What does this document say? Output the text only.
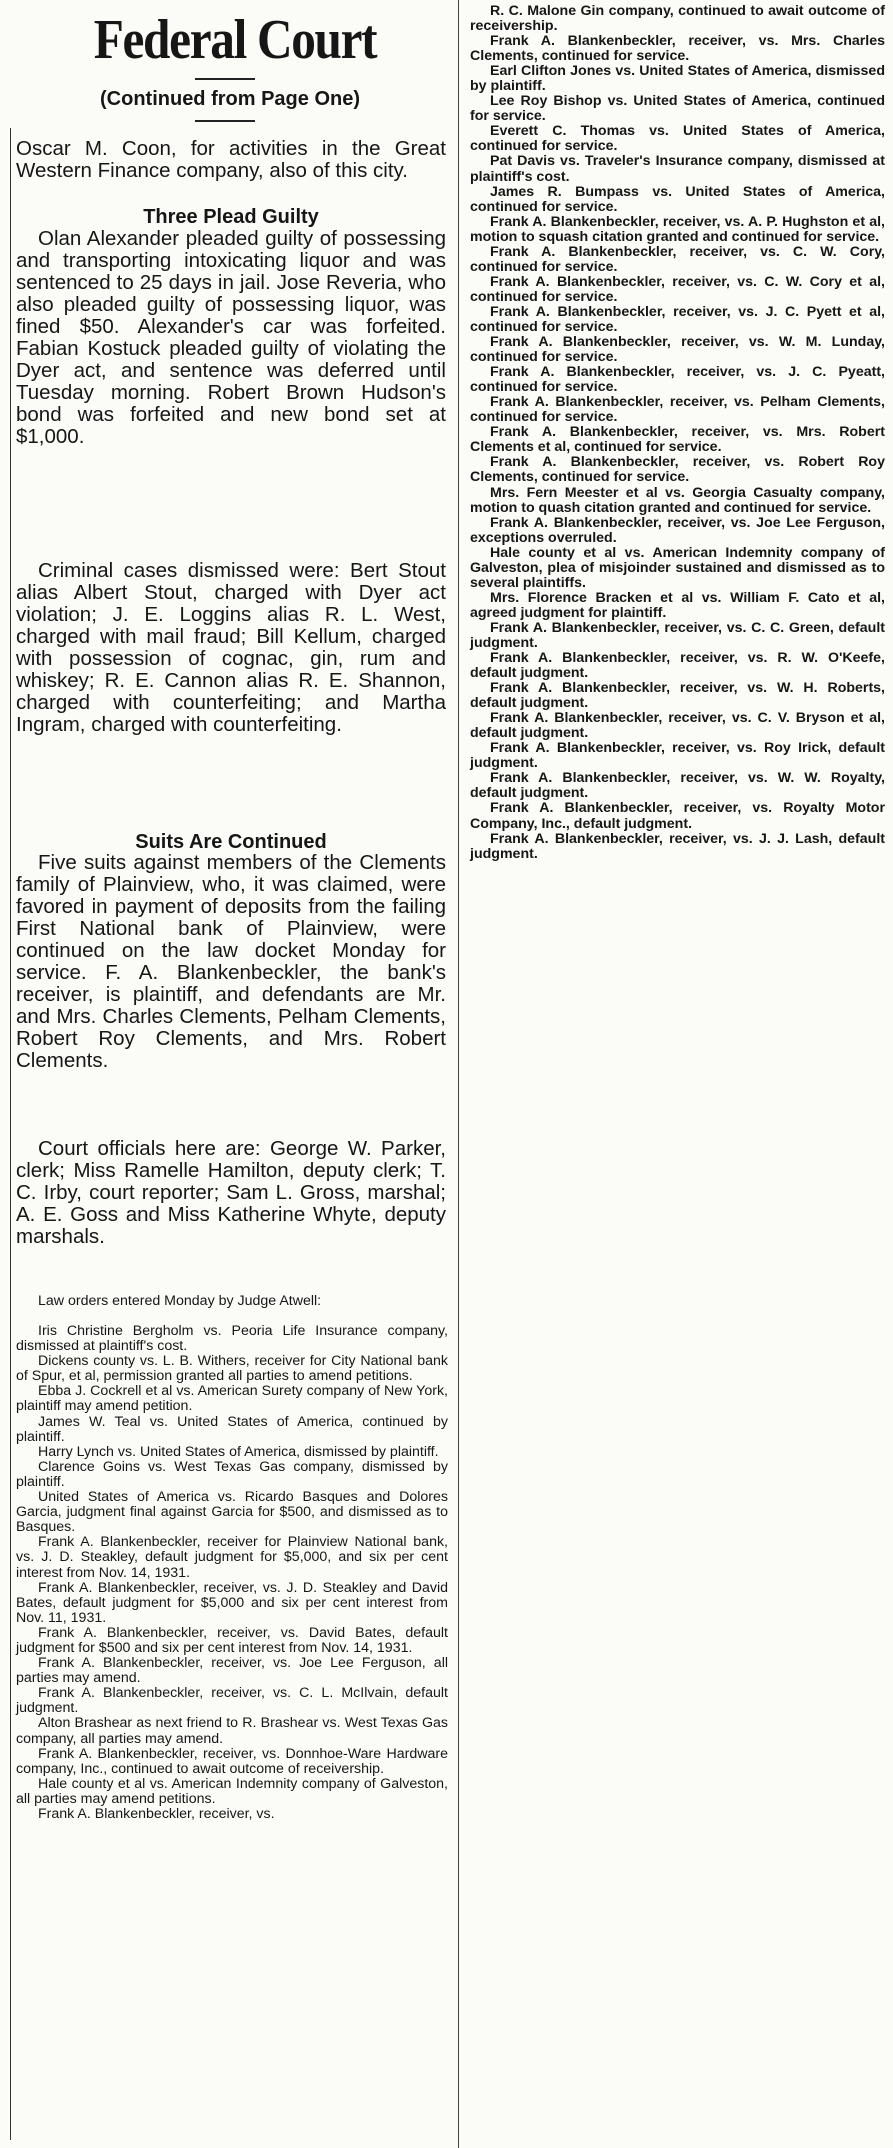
Federal Court
(Continued from Page One)

Oscar M. Coon, for activities in the Great Western Finance company, also of this city.

Three Plead Guilty

Olan Alexander pleaded guilty of possessing and transporting intoxicating liquor and was sentenced to 25 days in jail. Jose Reveria, who also pleaded guilty of possessing liquor, was fined $50. Alexander's car was forfeited. Fabian Kostuck pleaded guilty of violating the Dyer act, and sentence was deferred until Tuesday morning. Robert Brown Hudson's bond was forfeited and new bond set at $1,000.

Criminal cases dismissed were: Bert Stout alias Albert Stout, charged with Dyer act violation; J. E. Loggins alias R. L. West, charged with mail fraud; Bill Kellum, charged with possession of cognac, gin, rum and whiskey; R. E. Cannon alias R. E. Shannon, charged with counterfeiting; and Martha Ingram, charged with counterfeiting.

Suits Are Continued

Five suits against members of the Clements family of Plainview, who, it was claimed, were favored in payment of deposits from the failing First National bank of Plainview, were continued on the law docket Monday for service. F. A. Blankenbeckler, the bank's receiver, is plaintiff, and defendants are Mr. and Mrs. Charles Clements, Pelham Clements, Robert Roy Clements, and Mrs. Robert Clements.

Court officials here are: George W. Parker, clerk; Miss Ramelle Hamilton, deputy clerk; T. C. Irby, court reporter; Sam L. Gross, marshal; A. E. Goss and Miss Katherine Whyte, deputy marshals.

Law orders entered Monday by Judge Atwell:

Iris Christine Bergholm vs. Peoria Life Insurance company, dismissed at plaintiff's cost.

Dickens county vs. L. B. Withers, receiver for City National bank of Spur, et al, permission granted all parties to amend petitions.

Ebba J. Cockrell et al vs. American Surety company of New York, plaintiff may amend petition.

James W. Teal vs. United States of America, continued by plaintiff.

Harry Lynch vs. United States of America, dismissed by plaintiff.

Clarence Goins vs. West Texas Gas company, dismissed by plaintiff.

United States of America vs. Ricardo Basques and Dolores Garcia, judgment final against Garcia for $500, and dismissed as to Basques.

Frank A. Blankenbeckler, receiver for Plainview National bank, vs. J. D. Steakley, default judgment for $5,000, and six per cent interest from Nov. 14, 1931.

Frank A. Blankenbeckler, receiver, vs. J. D. Steakley and David Bates, default judgment for $5,000 and six per cent interest from Nov. 11, 1931.

Frank A. Blankenbeckler, receiver, vs. David Bates, default judgment for $500 and six per cent interest from Nov. 14, 1931.

Frank A. Blankenbeckler, receiver, vs. Joe Lee Ferguson, all parties may amend.

Frank A. Blankenbeckler, receiver, vs. C. L. McIlvain, default judgment.

Alton Brashear as next friend to R. Brashear vs. West Texas Gas company, all parties may amend.

Frank A. Blankenbeckler, receiver, vs. Donnhoe-Ware Hardware company, Inc., continued to await outcome of receivership.

Hale county et al vs. American Indemnity company of Galveston, all parties may amend petitions.

Frank A. Blankenbeckler, receiver, vs.

R. C. Malone Gin company, continued to await outcome of receivership.

Frank A. Blankenbeckler, receiver, vs. Mrs. Charles Clements, continued for service.

Earl Clifton Jones vs. United States of America, dismissed by plaintiff.

Lee Roy Bishop vs. United States of America, continued for service.

Everett C. Thomas vs. United States of America, continued for service.

Pat Davis vs. Traveler's Insurance company, dismissed at plaintiff's cost.

James R. Bumpass vs. United States of America, continued for service.

Frank A. Blankenbeckler, receiver, vs. A. P. Hughston et al, motion to squash citation granted and continued for service.

Frank A. Blankenbeckler, receiver, vs. C. W. Cory, continued for service.

Frank A. Blankenbeckler, receiver, vs. C. W. Cory et al, continued for service.

Frank A. Blankenbeckler, receiver, vs. J. C. Pyett et al, continued for service.

Frank A. Blankenbeckler, receiver, vs. W. M. Lunday, continued for service.

Frank A. Blankenbeckler, receiver, vs. J. C. Pyeatt, continued for service.

Frank A. Blankenbeckler, receiver, vs. Pelham Clements, continued for service.

Frank A. Blankenbeckler, receiver, vs. Mrs. Robert Clements et al, continued for service.

Frank A. Blankenbeckler, receiver, vs. Robert Roy Clements, continued for service.

Mrs. Fern Meester et al vs. Georgia Casualty company, motion to quash citation granted and continued for service.

Frank A. Blankenbeckler, receiver, vs. Joe Lee Ferguson, exceptions overruled.

Hale county et al vs. American Indemnity company of Galveston, plea of misjoinder sustained and dismissed as to several plaintiffs.

Mrs. Florence Bracken et al vs. William F. Cato et al, agreed judgment for plaintiff.

Frank A. Blankenbeckler, receiver, vs. C. C. Green, default judgment.

Frank A. Blankenbeckler, receiver, vs. R. W. O'Keefe, default judgment.

Frank A. Blankenbeckler, receiver, vs. W. H. Roberts, default judgment.

Frank A. Blankenbeckler, receiver, vs. C. V. Bryson et al, default judgment.

Frank A. Blankenbeckler, receiver, vs. Roy Irick, default judgment.

Frank A. Blankenbeckler, receiver, vs. W. W. Royalty, default judgment.

Frank A. Blankenbeckler, receiver, vs. Royalty Motor Company, Inc., default judgment.

Frank A. Blankenbeckler, receiver, vs. J. J. Lash, default judgment.
